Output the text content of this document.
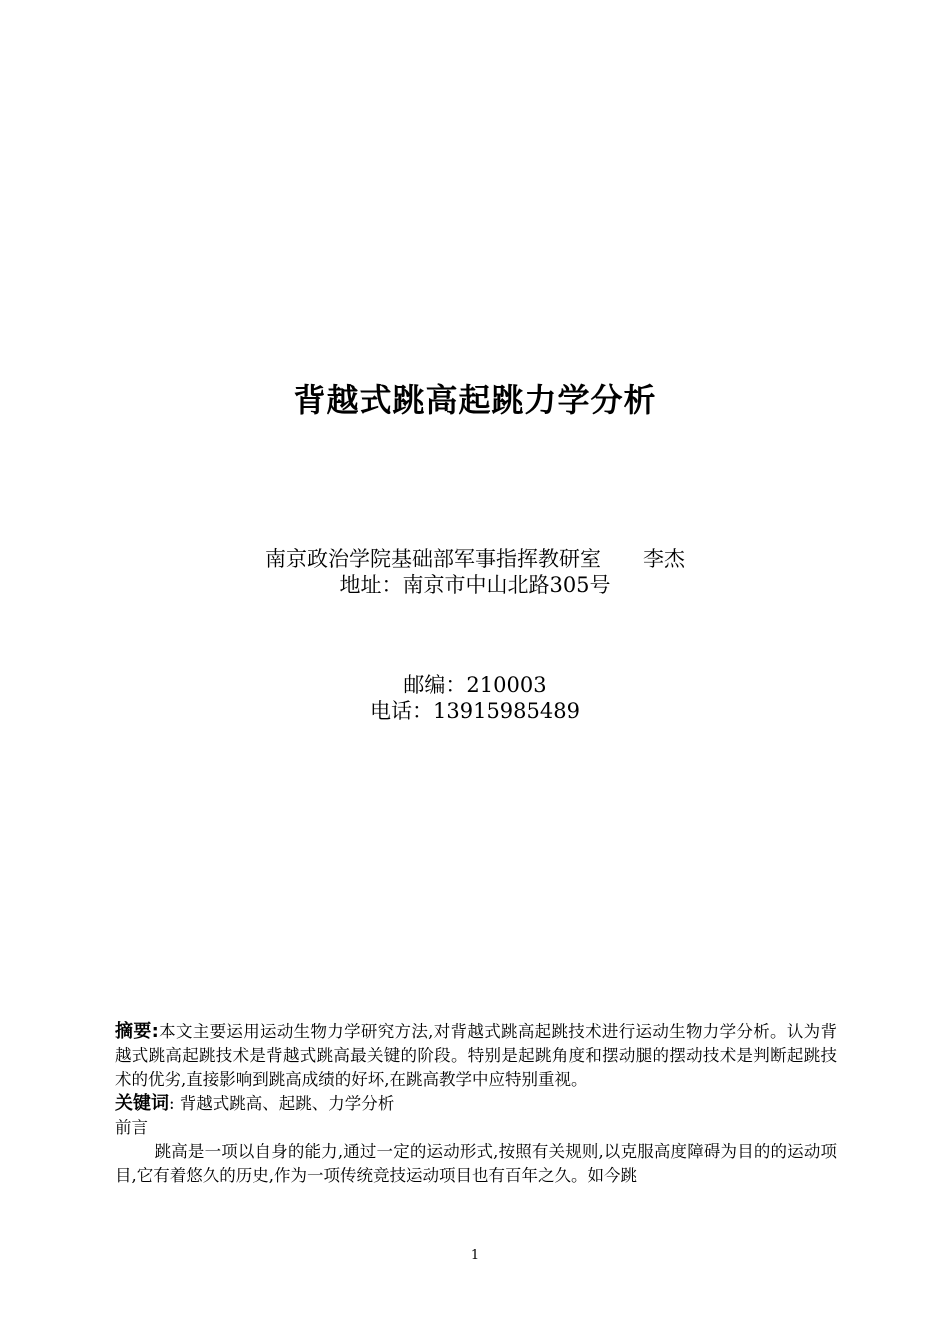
背越式跳高起跳力学分析
南京政治学院基础部军事指挥教研室 李杰
地址：南京市中山北路305号
邮编：210003
电话：13915985489

摘要:本文主要运用运动生物力学研究方法,对背越式跳高起跳技术进行运动生物力学分析。认为背越式跳高起跳技术是背越式跳高最关键的阶段。特别是起跳角度和摆动腿的摆动技术是判断起跳技术的优劣,直接影响到跳高成绩的好坏,在跳高教学中应特别重视。

关键词: 背越式跳高、起跳、力学分析

前言

跳高是一项以自身的能力,通过一定的运动形式,按照有关规则,以克服高度障碍为目的的运动项目,它有着悠久的历史,作为一项传统竞技运动项目也有百年之久。如今跳

1
